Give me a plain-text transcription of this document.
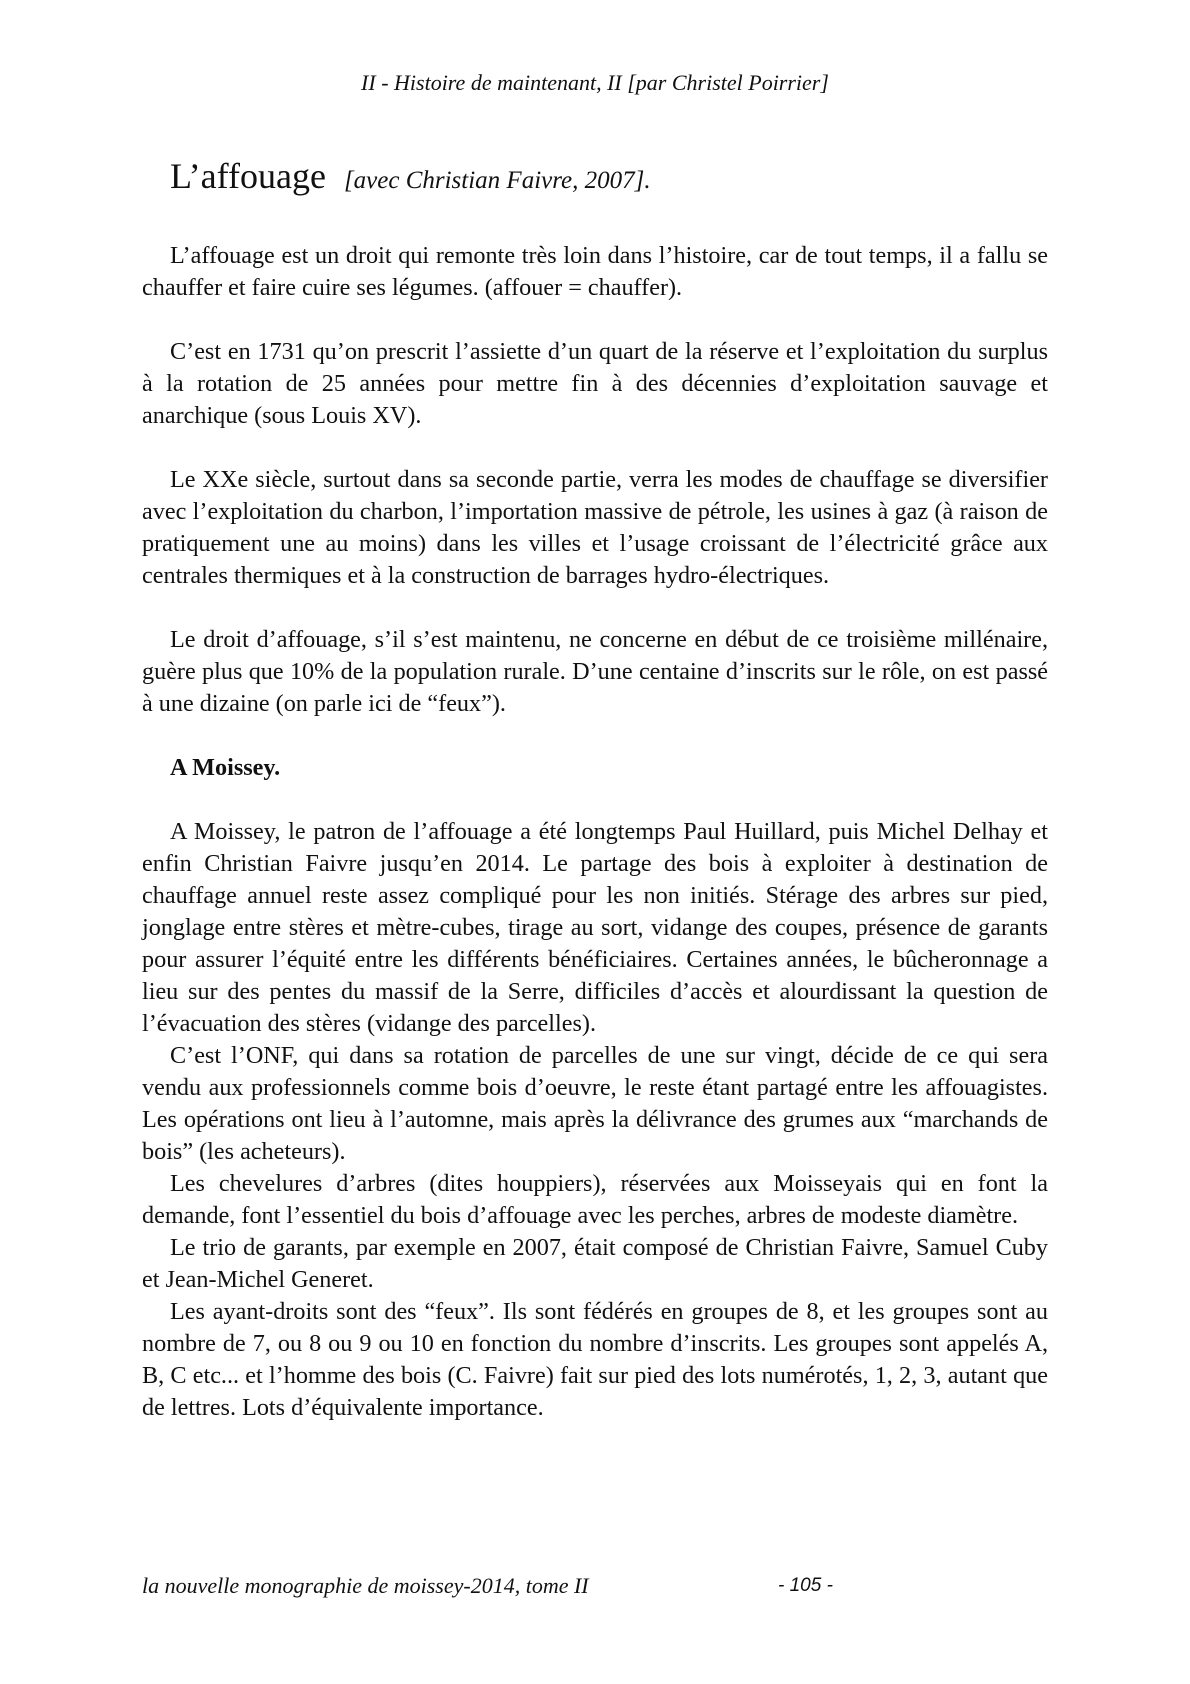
II - Histoire de maintenant, II [par Christel Poirrier]
L’affouage [avec Christian Faivre, 2007].

L’affouage est un droit qui remonte très loin dans l’histoire, car de tout temps, il a fallu se chauffer et faire cuire ses légumes. (affouer = chauffer).

C’est en 1731 qu’on prescrit l’assiette d’un quart de la réserve et l’exploitation du surplus à la rotation de 25 années pour mettre fin à des décennies d’exploitation sauvage et anarchique (sous Louis XV).

Le XXe siècle, surtout dans sa seconde partie, verra les modes de chauffage se diversifier avec l’exploitation du charbon, l’importation massive de pétrole, les usines à gaz (à raison de pratiquement une au moins) dans les villes et l’usage croissant de l’électricité grâce aux centrales thermiques et à la construction de barrages hydro-électriques.

Le droit d’affouage, s’il s’est maintenu, ne concerne en début de ce troisième millénaire, guère plus que 10% de la population rurale. D’une centaine d’inscrits sur le rôle, on est passé à une dizaine (on parle ici de “feux”).

A Moissey.

A Moissey, le patron de l’affouage a été longtemps Paul Huillard, puis Michel Delhay et enfin Christian Faivre jusqu’en 2014. Le partage des bois à exploiter à destination de chauffage annuel reste assez compliqué pour les non initiés. Stérage des arbres sur pied, jonglage entre stères et mètre-cubes, tirage au sort, vidange des coupes, présence de garants pour assurer l’équité entre les différents bénéficiaires. Certaines années, le bûcheronnage a lieu sur des pentes du massif de la Serre, difficiles d’accès et alourdissant la question de l’évacuation des stères (vidange des parcelles).

C’est l’ONF, qui dans sa rotation de parcelles de une sur vingt, décide de ce qui sera vendu aux professionnels comme bois d’oeuvre, le reste étant partagé entre les affouagistes. Les opérations ont lieu à l’automne, mais après la délivrance des grumes aux “marchands de bois” (les acheteurs).

Les chevelures d’arbres (dites houppiers), réservées aux Moisseyais qui en font la demande, font l’essentiel du bois d’affouage avec les perches, arbres de modeste diamètre.

Le trio de garants, par exemple en 2007, était composé de Christian Faivre, Samuel Cuby et Jean-Michel Generet.

Les ayant-droits sont des “feux”. Ils sont fédérés en groupes de 8, et les groupes sont au nombre de 7, ou 8 ou 9 ou 10 en fonction du nombre d’inscrits. Les groupes sont appelés A, B, C etc... et l’homme des bois (C. Faivre) fait sur pied des lots numérotés, 1, 2, 3, autant que de lettres. Lots d’équivalente importance.

la nouvelle monographie de moissey-2014, tome II	- 105 -
